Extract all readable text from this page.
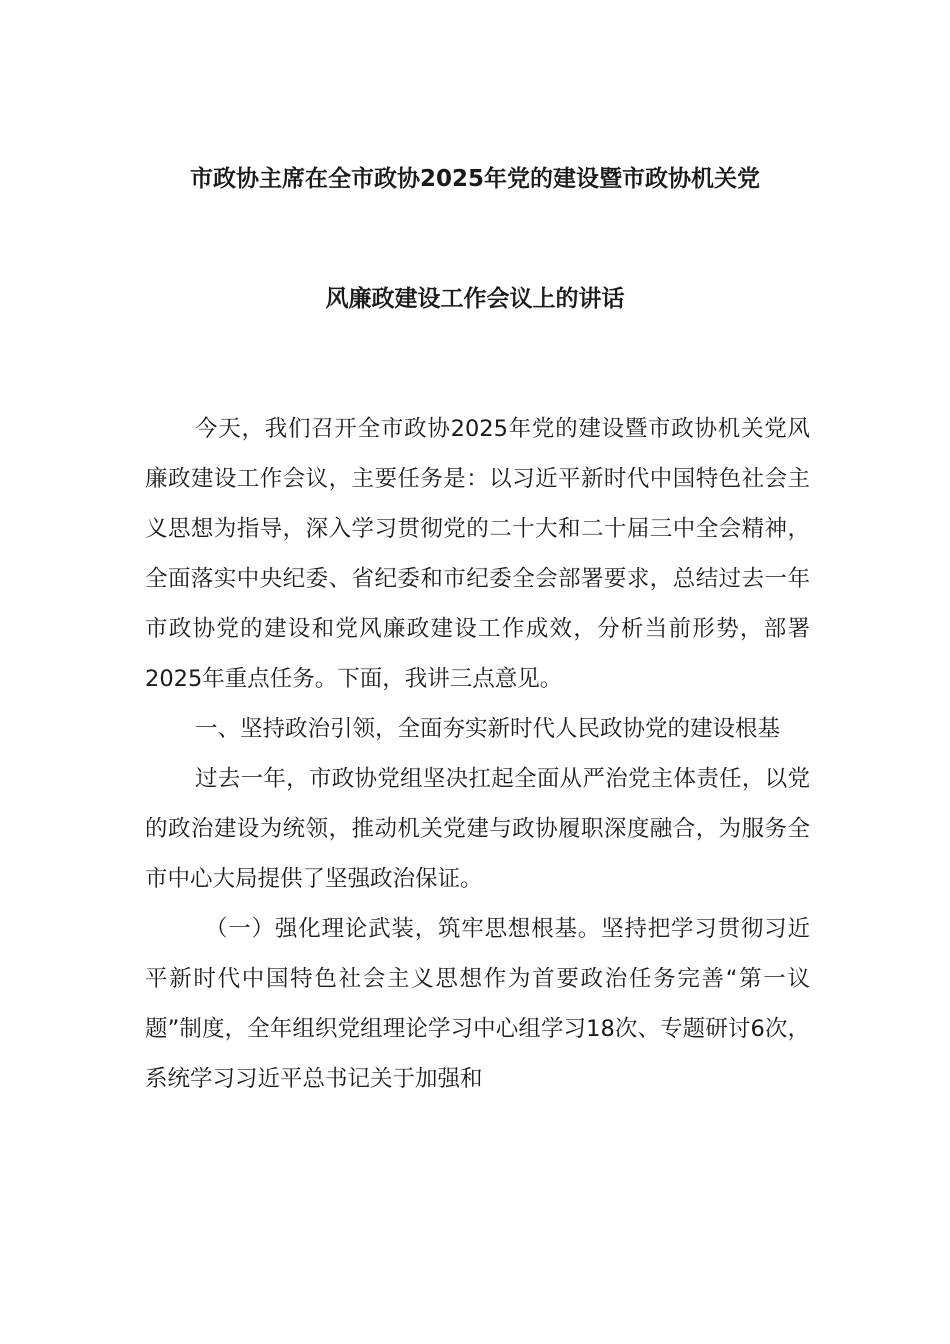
市政协主席在全市政协2025年党的建设暨市政协机关党
风廉政建设工作会议上的讲话

今天，我们召开全市政协2025年党的建设暨市政协机关党风廉政建设工作会议，主要任务是：以习近平新时代中国特色社会主义思想为指导，深入学习贯彻党的二十大和二十届三中全会精神，全面落实中央纪委、省纪委和市纪委全会部署要求，总结过去一年市政协党的建设和党风廉政建设工作成效，分析当前形势，部署2025年重点任务。下面，我讲三点意见。

一、坚持政治引领，全面夯实新时代人民政协党的建设根基

过去一年，市政协党组坚决扛起全面从严治党主体责任，以党的政治建设为统领，推动机关党建与政协履职深度融合，为服务全市中心大局提供了坚强政治保证。

（一）强化理论武装，筑牢思想根基。坚持把学习贯彻习近平新时代中国特色社会主义思想作为首要政治任务完善“第一议题”制度，全年组织党组理论学习中心组学习18次、专题研讨6次，系统学习习近平总书记关于加强和
